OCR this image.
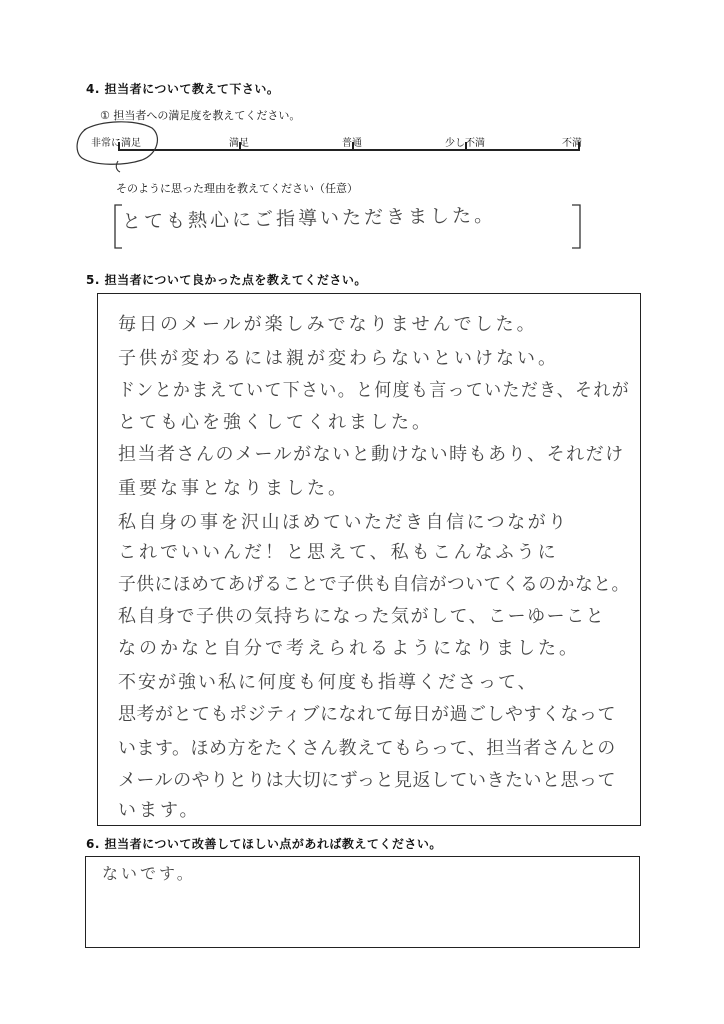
4. 担当者について教えて下さい。
① 担当者への満足度を教えてください。
非常に満足	満足	普通	少し不満	不満
そのように思った理由を教えてください（任意）
とても熱心にご指導いただきました。
5. 担当者について良かった点を教えてください。
毎日のメールが楽しみでなりませんでした。
子供が変わるには親が変わらないといけない。
ドンとかまえていて下さい。と何度も言っていただき、それが
とても心を強くしてくれました。
担当者さんのメールがないと動けない時もあり、それだけ
重要な事となりました。
私自身の事を沢山ほめていただき自信につながり
これでいいんだ！と思えて、私もこんなふうに
子供にほめてあげることで子供も自信がついてくるのかなと。
私自身で子供の気持ちになった気がして、こーゆーこと
なのかなと自分で考えられるようになりました。
不安が強い私に何度も何度も指導くださって、
思考がとてもポジティブになれて毎日が過ごしやすくなって
います。ほめ方をたくさん教えてもらって、担当者さんとの
メールのやりとりは大切にずっと見返していきたいと思って
います。
6. 担当者について改善してほしい点があれば教えてください。
ないです。
